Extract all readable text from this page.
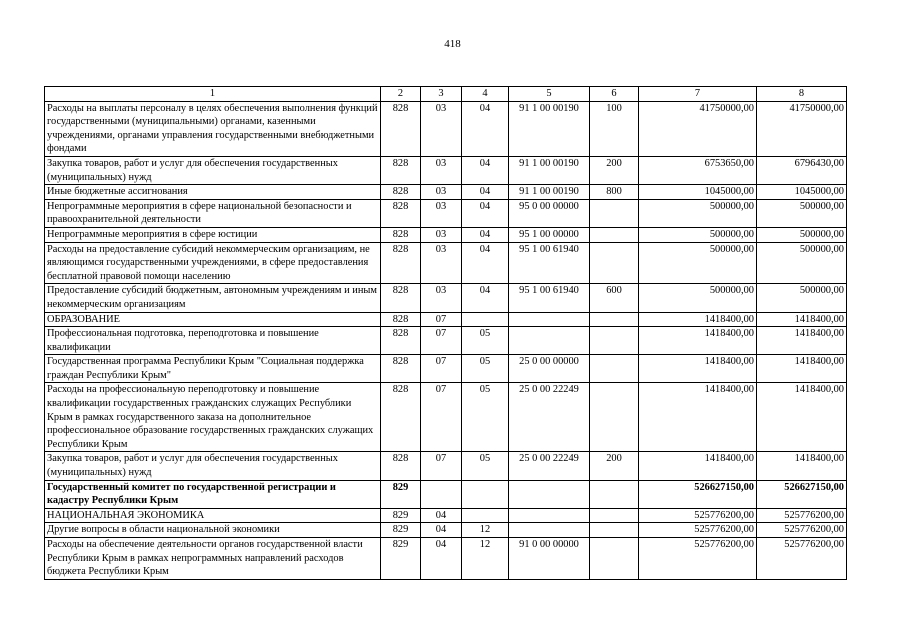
418
1	2	3	4	5	6	7	8
Расходы на выплаты персоналу в целях обеспечения выполнения функций государственными (муниципальными) органами, казенными учреждениями, органами управления государственными внебюджетными фондами	828	03	04	91 1 00 00190	100	41750000,00	41750000,00
Закупка товаров, работ и услуг для обеспечения государственных (муниципальных) нужд	828	03	04	91 1 00 00190	200	6753650,00	6796430,00
Иные бюджетные ассигнования	828	03	04	91 1 00 00190	800	1045000,00	1045000,00
Непрограммные мероприятия в сфере национальной безопасности и правоохранительной деятельности	828	03	04	95 0 00 00000		500000,00	500000,00
Непрограммные мероприятия в сфере юстиции	828	03	04	95 1 00 00000		500000,00	500000,00
Расходы на предоставление субсидий некоммерческим организациям, не являющимся государственными учреждениями, в сфере предоставления бесплатной правовой помощи населению	828	03	04	95 1 00 61940		500000,00	500000,00
Предоставление субсидий бюджетным, автономным учреждениям и иным некоммерческим организациям	828	03	04	95 1 00 61940	600	500000,00	500000,00
ОБРАЗОВАНИЕ	828	07				1418400,00	1418400,00
Профессиональная подготовка, переподготовка и повышение квалификации	828	07	05			1418400,00	1418400,00
Государственная программа Республики Крым "Социальная поддержка граждан Республики Крым"	828	07	05	25 0 00 00000		1418400,00	1418400,00
Расходы на профессиональную переподготовку и повышение квалификации государственных гражданских служащих Республики Крым в рамках государственного заказа на дополнительное профессиональное образование государственных гражданских служащих Республики Крым	828	07	05	25 0 00 22249		1418400,00	1418400,00
Закупка товаров, работ и услуг для обеспечения государственных (муниципальных) нужд	828	07	05	25 0 00 22249	200	1418400,00	1418400,00
Государственный комитет по государственной регистрации и кадастру Республики Крым	829					526627150,00	526627150,00
НАЦИОНАЛЬНАЯ ЭКОНОМИКА	829	04				525776200,00	525776200,00
Другие вопросы в области национальной экономики	829	04	12			525776200,00	525776200,00
Расходы на обеспечение деятельности органов государственной власти Республики Крым в рамках непрограммных направлений расходов бюджета Республики Крым	829	04	12	91 0 00 00000		525776200,00	525776200,00
